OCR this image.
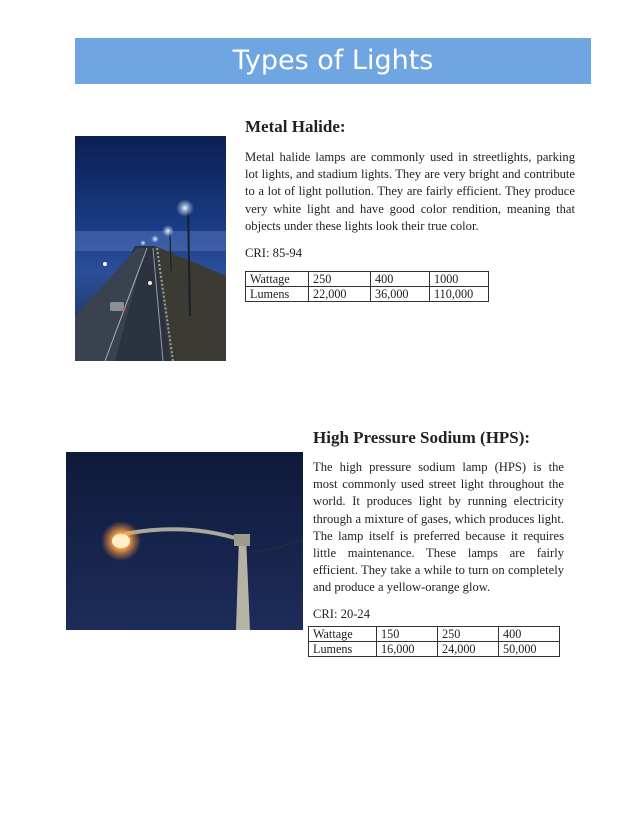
Types of Lights
Metal Halide:

Metal halide lamps are commonly used in streetlights, parking lot lights, and stadium lights. They are very bright and contribute to a lot of light pollution. They are fairly efficient. They produce very white light and have good color rendition, meaning that objects under these lights look their true color.

CRI: 85-94
Wattage	250	400	1000
Lumens	22,000	36,000	110,000
High Pressure Sodium (HPS):

The high pressure sodium lamp (HPS) is the most commonly used street light throughout the world. It produces light by running electricity through a mixture of gases, which produces light. The lamp itself is preferred because it requires little maintenance. These lamps are fairly efficient. They take a while to turn on completely and produce a yellow-orange glow.

CRI: 20-24
Wattage	150	250	400
Lumens	16,000	24,000	50,000
